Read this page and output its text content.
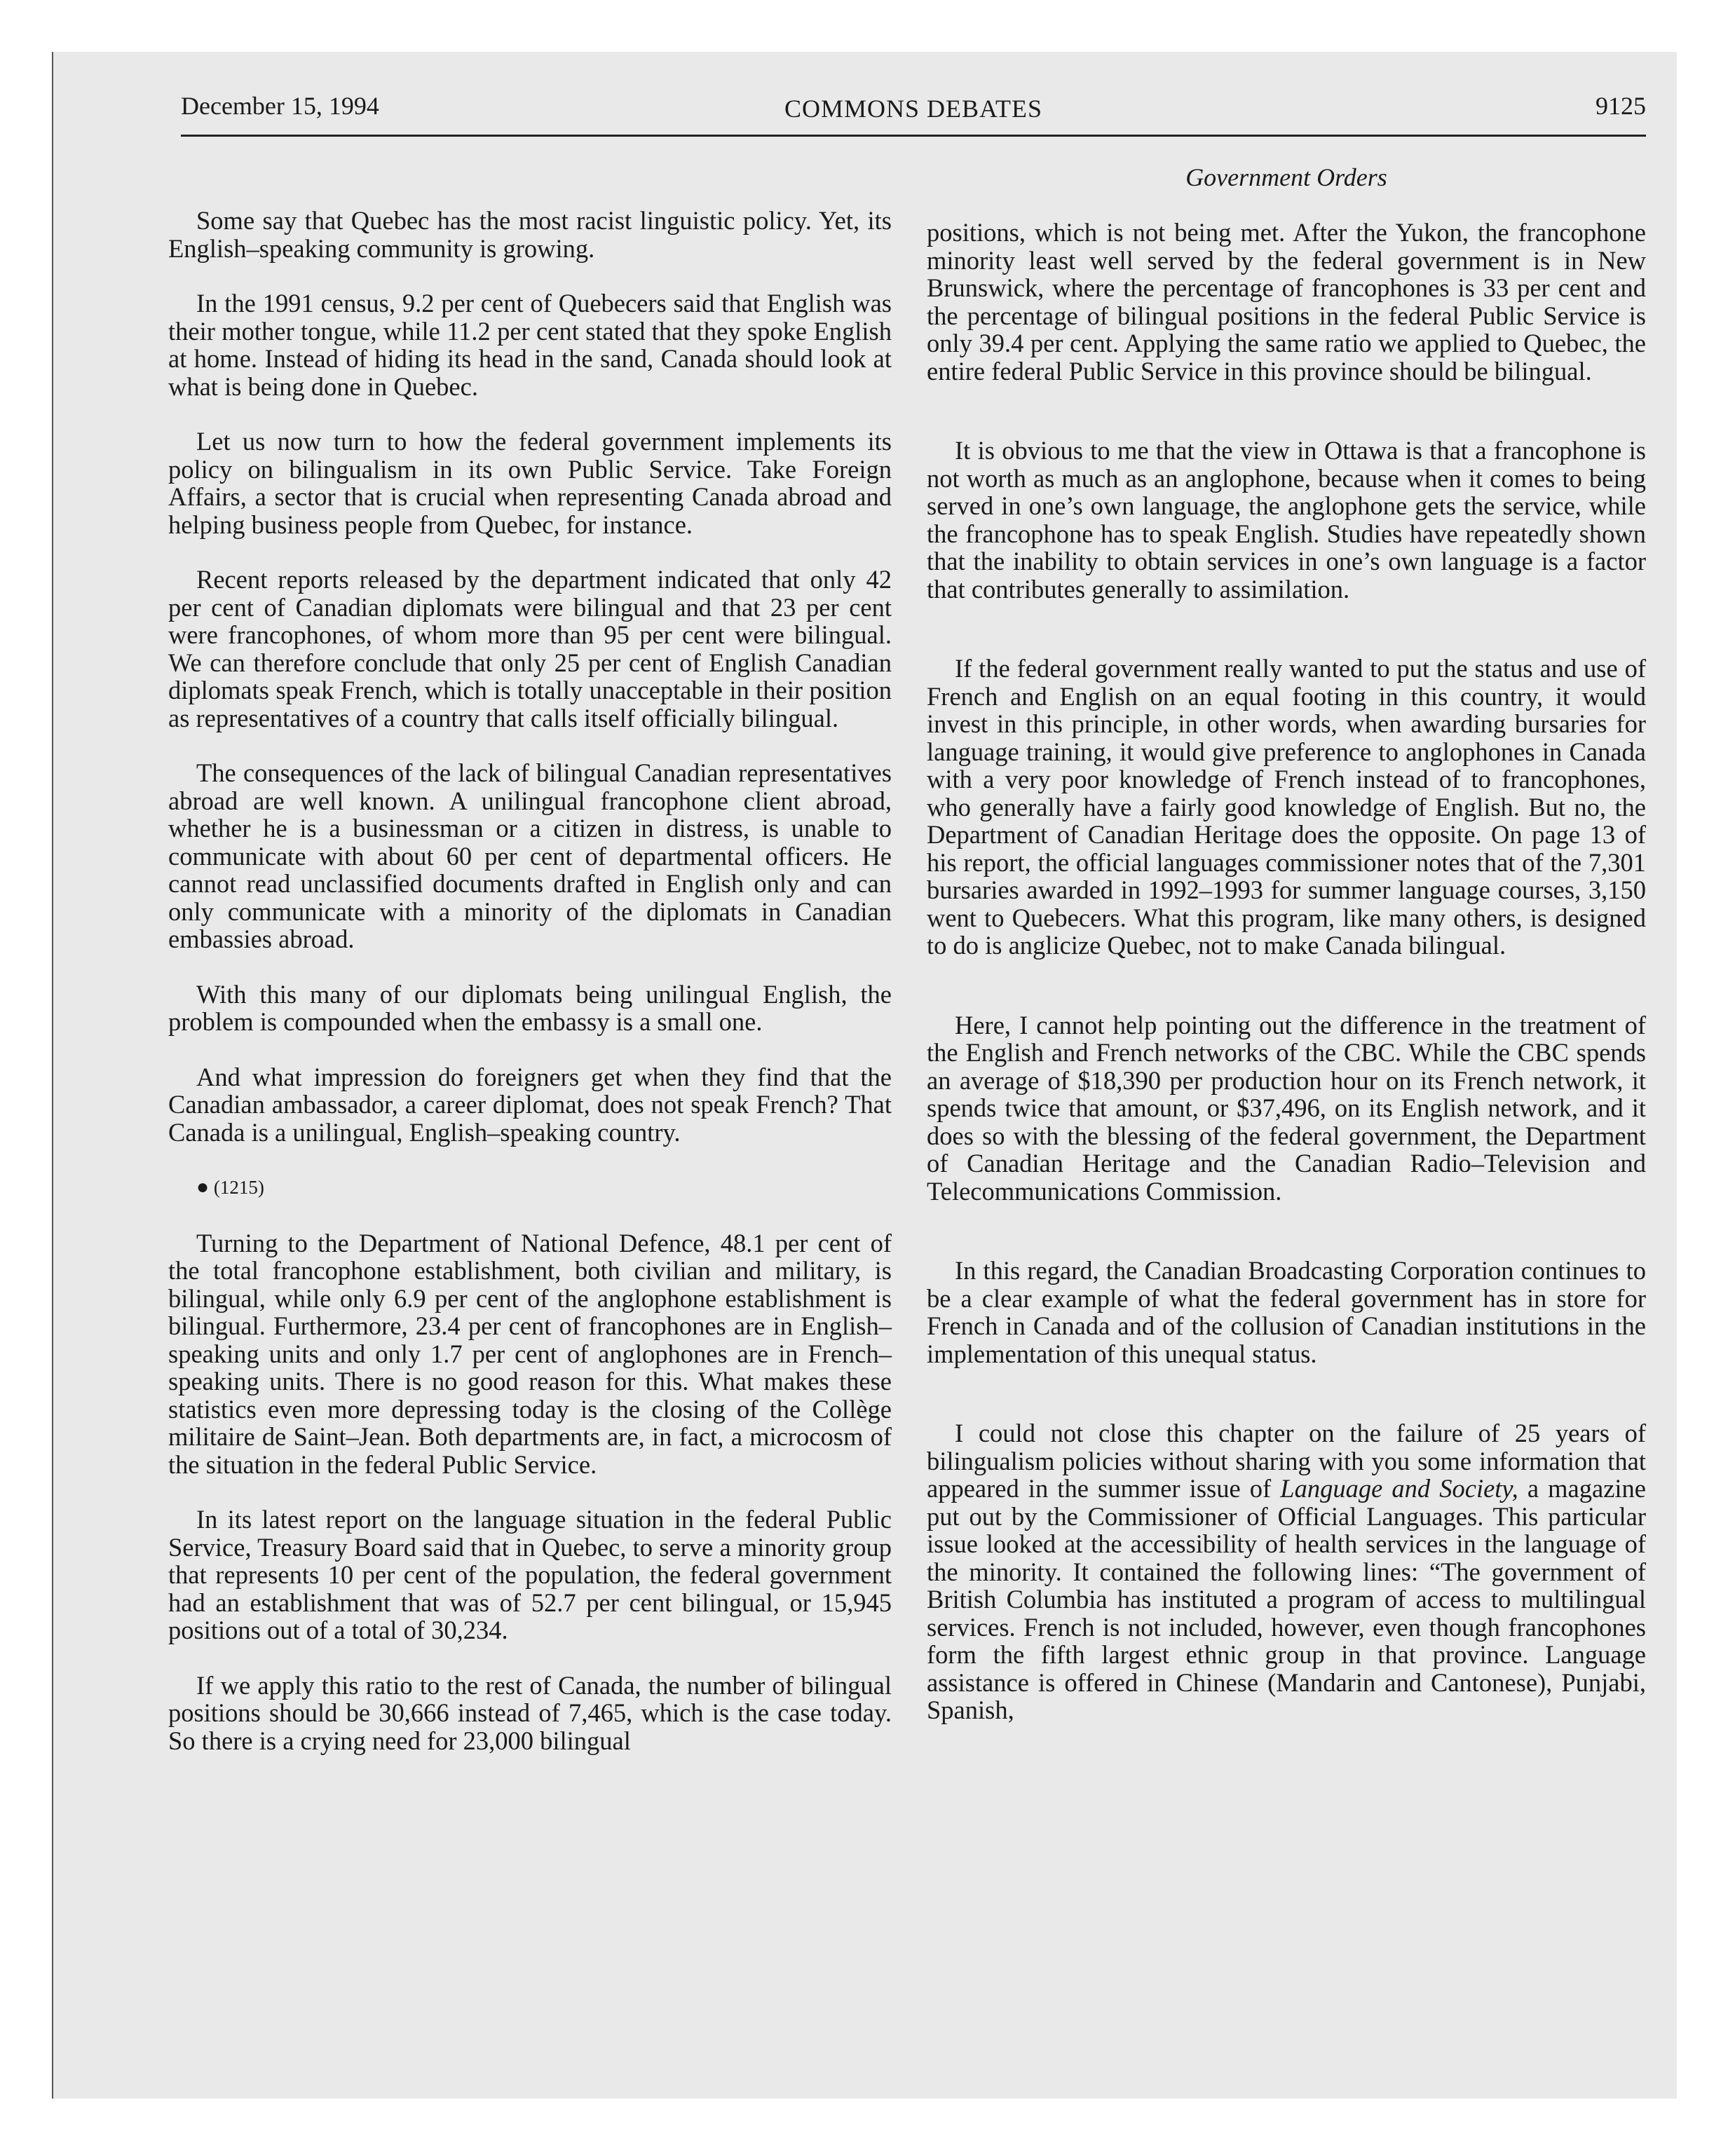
December 15, 1994	COMMONS DEBATES	9125
Government Orders

Some say that Quebec has the most racist linguistic policy. Yet, its English–speaking community is growing.

In the 1991 census, 9.2 per cent of Quebecers said that English was their mother tongue, while 11.2 per cent stated that they spoke English at home. Instead of hiding its head in the sand, Canada should look at what is being done in Quebec.

Let us now turn to how the federal government implements its policy on bilingualism in its own Public Service. Take Foreign Affairs, a sector that is crucial when representing Canada abroad and helping business people from Quebec, for instance.

Recent reports released by the department indicated that only 42 per cent of Canadian diplomats were bilingual and that 23 per cent were francophones, of whom more than 95 per cent were bilingual. We can therefore conclude that only 25 per cent of English Canadian diplomats speak French, which is totally unacceptable in their position as representatives of a country that calls itself officially bilingual.

The consequences of the lack of bilingual Canadian representatives abroad are well known. A unilingual francophone client abroad, whether he is a businessman or a citizen in distress, is unable to communicate with about 60 per cent of departmental officers. He cannot read unclassified documents drafted in English only and can only communicate with a minority of the diplomats in Canadian embassies abroad.

With this many of our diplomats being unilingual English, the problem is compounded when the embassy is a small one.

And what impression do foreigners get when they find that the Canadian ambassador, a career diplomat, does not speak French? That Canada is a unilingual, English–speaking country.

● (1215)

Turning to the Department of National Defence, 48.1 per cent of the total francophone establishment, both civilian and military, is bilingual, while only 6.9 per cent of the anglophone establishment is bilingual. Furthermore, 23.4 per cent of francophones are in English–speaking units and only 1.7 per cent of anglophones are in French–speaking units. There is no good reason for this. What makes these statistics even more depressing today is the closing of the Collège militaire de Saint–Jean. Both departments are, in fact, a microcosm of the situation in the federal Public Service.

In its latest report on the language situation in the federal Public Service, Treasury Board said that in Quebec, to serve a minority group that represents 10 per cent of the population, the federal government had an establishment that was of 52.7 per cent bilingual, or 15,945 positions out of a total of 30,234.

If we apply this ratio to the rest of Canada, the number of bilingual positions should be 30,666 instead of 7,465, which is the case today. So there is a crying need for 23,000 bilingual

positions, which is not being met. After the Yukon, the francophone minority least well served by the federal government is in New Brunswick, where the percentage of francophones is 33 per cent and the percentage of bilingual positions in the federal Public Service is only 39.4 per cent. Applying the same ratio we applied to Quebec, the entire federal Public Service in this province should be bilingual.

It is obvious to me that the view in Ottawa is that a francophone is not worth as much as an anglophone, because when it comes to being served in one’s own language, the anglophone gets the service, while the francophone has to speak English. Studies have repeatedly shown that the inability to obtain services in one’s own language is a factor that contributes generally to assimilation.

If the federal government really wanted to put the status and use of French and English on an equal footing in this country, it would invest in this principle, in other words, when awarding bursaries for language training, it would give preference to anglophones in Canada with a very poor knowledge of French instead of to francophones, who generally have a fairly good knowledge of English. But no, the Department of Canadian Heritage does the opposite. On page 13 of his report, the official languages commissioner notes that of the 7,301 bursaries awarded in 1992–1993 for summer language courses, 3,150 went to Quebecers. What this program, like many others, is designed to do is anglicize Quebec, not to make Canada bilingual.

Here, I cannot help pointing out the difference in the treatment of the English and French networks of the CBC. While the CBC spends an average of $18,390 per production hour on its French network, it spends twice that amount, or $37,496, on its English network, and it does so with the blessing of the federal government, the Department of Canadian Heritage and the Canadian Radio–Television and Telecommunications Commission.

In this regard, the Canadian Broadcasting Corporation continues to be a clear example of what the federal government has in store for French in Canada and of the collusion of Canadian institutions in the implementation of this unequal status.

I could not close this chapter on the failure of 25 years of bilingualism policies without sharing with you some information that appeared in the summer issue of Language and Society, a magazine put out by the Commissioner of Official Languages. This particular issue looked at the accessibility of health services in the language of the minority. It contained the following lines: “The government of British Columbia has instituted a program of access to multilingual services. French is not included, however, even though francophones form the fifth largest ethnic group in that province. Language assistance is offered in Chinese (Mandarin and Cantonese), Punjabi, Spanish,
